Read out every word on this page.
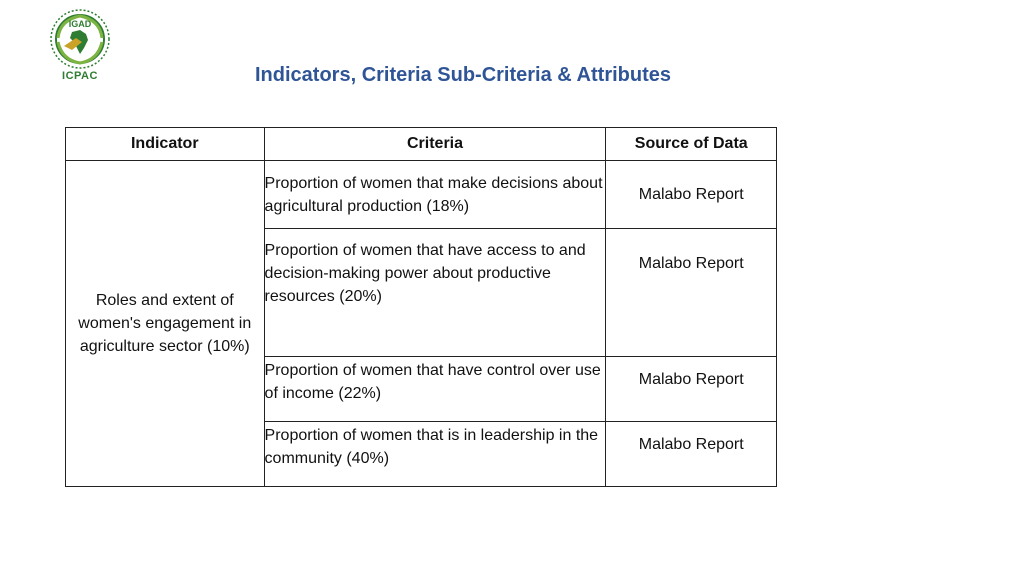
IGAD
ICPAC	Indicators, Criteria Sub-Criteria & Attributes
Indicator	Criteria	Source of Data
Roles and extent of women's engagement in agriculture sector (10%)	Proportion of women that make decisions about agricultural production (18%)	Malabo Report
	Proportion of women that have access to and decision-making power about productive resources (20%)	Malabo Report
	Proportion of women that have control over use of income (22%)	Malabo Report
	Proportion of women that is in leadership in the community (40%)	Malabo Report
